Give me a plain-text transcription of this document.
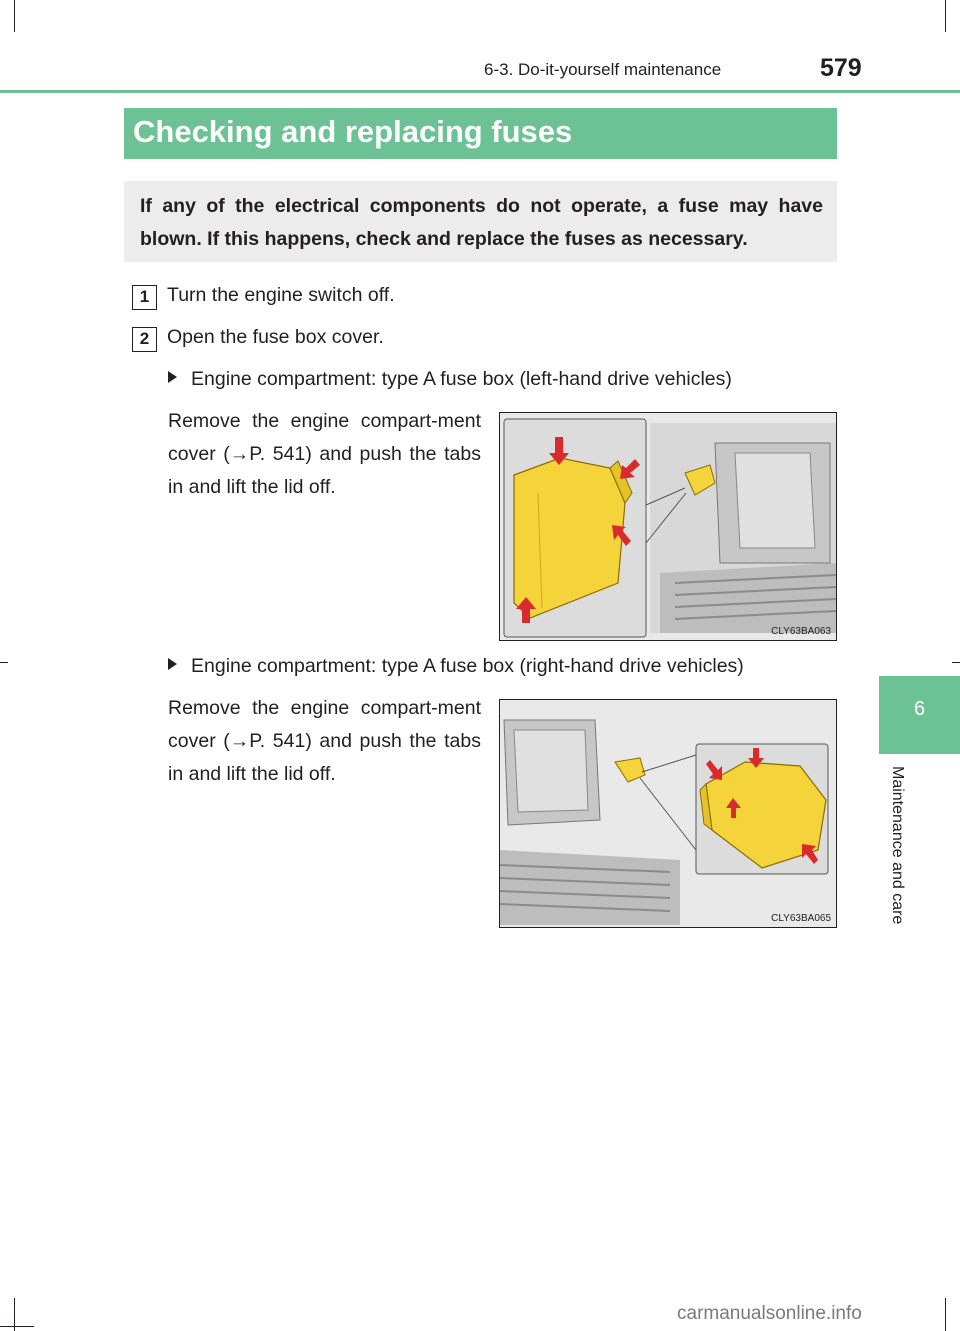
6-3. Do-it-yourself maintenance	579
Checking and replacing fuses
If any of the electrical components do not operate, a fuse may have blown. If this happens, check and replace the fuses as necessary.
1 Turn the engine switch off.
2 Open the fuse box cover.
Engine compartment: type A fuse box (left-hand drive vehicles)
Remove the engine compart-ment cover (→P. 541) and push the tabs in and lift the lid off.
CLY63BA063
Engine compartment: type A fuse box (right-hand drive vehicles)
Remove the engine compart-ment cover (→P. 541) and push the tabs in and lift the lid off.
CLY63BA065
6
Maintenance and care
carmanualsonline.info
